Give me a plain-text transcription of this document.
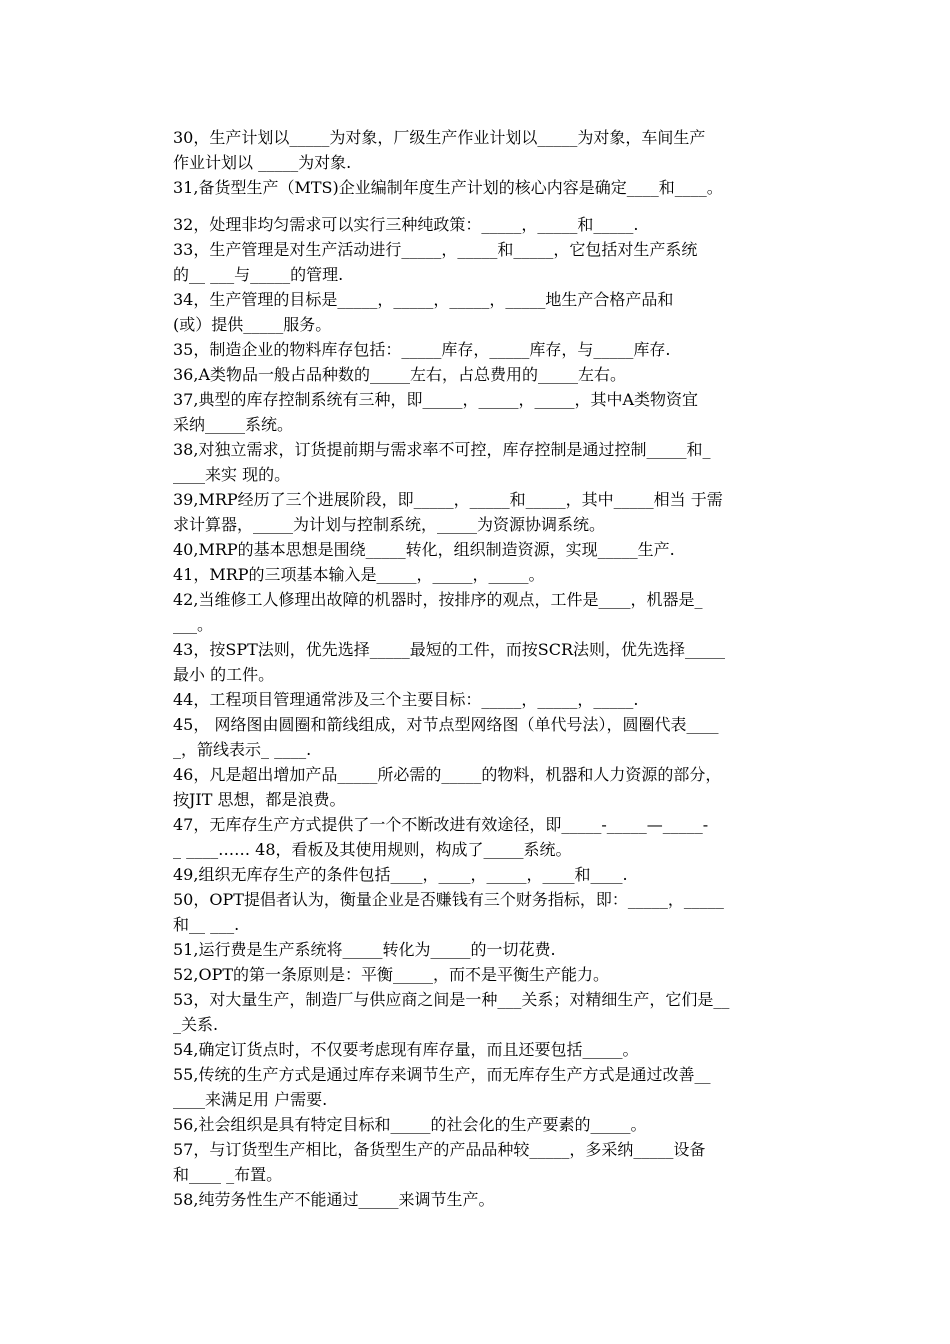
30，生产计划以_____为对象，厂级生产作业计划以_____为对象，车间生产
作业计划以 _____为对象.
31,备货型生产（MTS)企业编制年度生产计划的核心内容是确定____和____。
32，处理非均匀需求可以实行三种纯政策：_____，_____和_____.
33，生产管理是对生产活动进行_____，_____和_____，它包括对生产系统
的__ ___与_____的管理.
34，生产管理的目标是_____，_____，_____，_____地生产合格产品和
(或）提供_____服务。
35，制造企业的物料库存包括：_____库存，_____库存，与_____库存.
36,A类物品一般占品种数的_____左右，占总费用的_____左右。
37,典型的库存控制系统有三种，即_____，_____，_____，其中A类物资宜
采纳_____系统。
38,对独立需求，订货提前期与需求率不可控，库存控制是通过控制_____和_
____来实 现的。
39,MRP经历了三个进展阶段，即_____，_____和_____，其中_____相当 于需
求计算器，_____为计划与控制系统，_____为资源协调系统。
40,MRP的基本思想是围绕_____转化，组织制造资源，实现_____生产.
41，MRP的三项基本输入是_____，_____，_____。
42,当维修工人修理出故障的机器时，按排序的观点，工件是____，机器是_
___。
43，按SPT法则，优先选择_____最短的工件，而按SCR法则，优先选择_____
最小 的工件。
44，工程项目管理通常涉及三个主要目标：_____，_____，_____.
45， 网络图由圆圈和箭线组成，对节点型网络图（单代号法），圆圈代表____
_，箭线表示_ ____.
46，凡是超出增加产品_____所必需的_____的物料，机器和人力资源的部分，
按JIT 思想，都是浪费。
47，无库存生产方式提供了一个不断改进有效途径，即_____-_____—_____-
_ ____…… 48，看板及其使用规则，构成了_____系统。
49,组织无库存生产的条件包括____，____，_____，____和____.
50，OPT提倡者认为，衡量企业是否赚钱有三个财务指标，即：_____，_____
和__ ___.
51,运行费是生产系统将_____转化为_____的一切花费.
52,OPT的第一条原则是：平衡_____，而不是平衡生产能力。
53，对大量生产，制造厂与供应商之间是一种___关系；对精细生产，它们是__
_关系.
54,确定订货点时，不仅要考虑现有库存量，而且还要包括_____。
55,传统的生产方式是通过库存来调节生产，而无库存生产方式是通过改善__
____来满足用 户需要.
56,社会组织是具有特定目标和_____的社会化的生产要素的_____。
57，与订货型生产相比，备货型生产的产品品种较_____，多采纳_____设备
和____ _布置。
58,纯劳务性生产不能通过_____来调节生产。
